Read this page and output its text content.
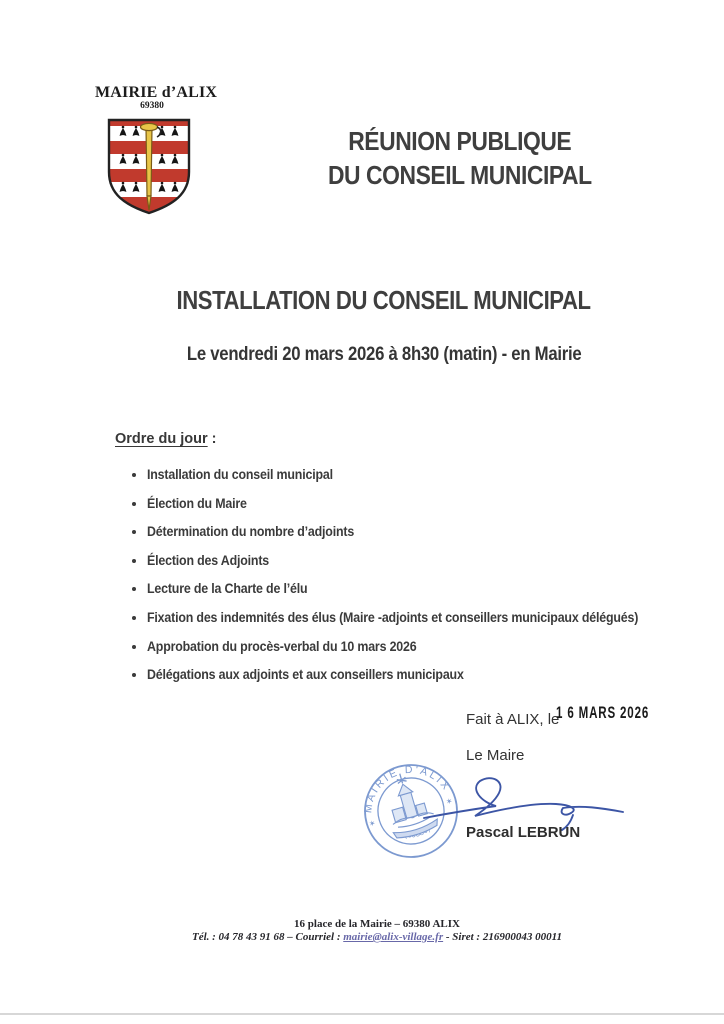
MAIRIE d’ALIX
69380
RÉUNION PUBLIQUE
DU CONSEIL MUNICIPAL
INSTALLATION DU CONSEIL MUNICIPAL
Le vendredi 20 mars 2026 à 8h30 (matin) - en Mairie
Ordre du jour :
• Installation du conseil municipal
• Élection du Maire
• Détermination du nombre d’adjoints
• Élection des Adjoints
• Lecture de la Charte de l’élu
• Fixation des indemnités des élus (Maire -adjoints et conseillers municipaux délégués)
• Approbation du procès-verbal du 10 mars 2026
• Délégations aux adjoints et aux conseillers municipaux
Fait à ALIX, le
1 6 MARS 2026
Le Maire
MAIRIE D'ALIX
✶
✶
Pascal LEBRUN
16 place de la Mairie – 69380 ALIX
Tél. : 04 78 43 91 68 – Courriel : mairie@alix-village.fr - Siret : 216900043 00011
